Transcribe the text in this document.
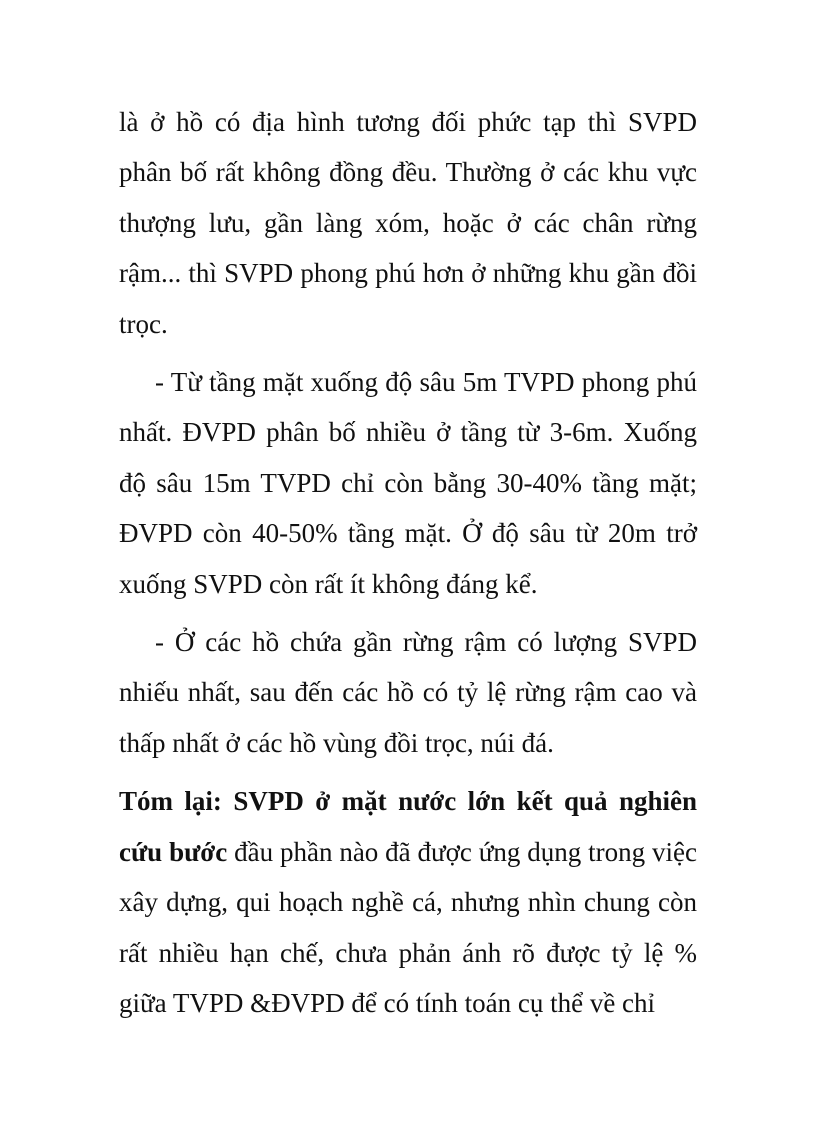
là ở hồ có địa hình tương đối phức tạp thì SVPD phân bố rất không đồng đều. Thường ở các khu vực thượng lưu, gần làng xóm, hoặc ở các chân rừng rậm... thì SVPD phong phú hơn ở những khu gần đồi trọc.

- Từ tầng mặt xuống độ sâu 5m TVPD phong phú nhất. ĐVPD phân bố nhiều ở tầng từ 3-6m. Xuống độ sâu 15m TVPD chỉ còn bằng 30-40% tầng mặt; ĐVPD còn 40-50% tầng mặt. Ở độ sâu từ 20m trở xuống SVPD còn rất ít không đáng kể.

- Ở các hồ chứa gần rừng rậm có lượng SVPD nhiếu nhất, sau đến các hồ có tỷ lệ rừng rậm cao và thấp nhất ở các hồ vùng đồi trọc, núi đá.

Tóm lại: SVPD ở mặt nước lớn kết quả nghiên cứu bước đầu phần nào đã được ứng dụng trong việc xây dựng, qui hoạch nghề cá, nhưng nhìn chung còn rất nhiều hạn chế, chưa phản ánh rõ được tỷ lệ % giữa TVPD &ĐVPD để có tính toán cụ thể về chỉ
